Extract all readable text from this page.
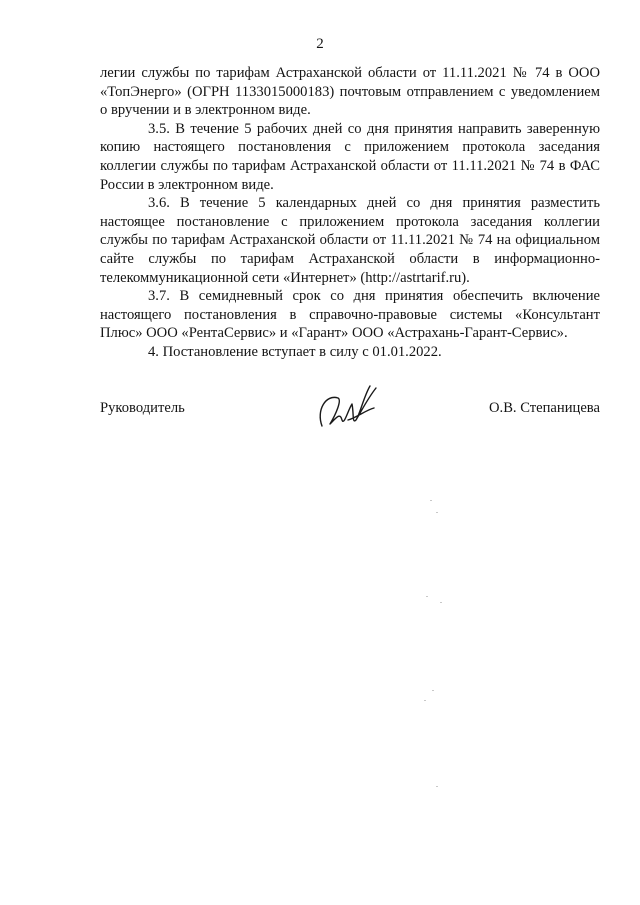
2

легии службы по тарифам Астраханской области от 11.11.2021 № 74 в ООО «ТопЭнерго» (ОГРН 1133015000183) почтовым отправлением с уведомлением о вручении и в электронном виде.

3.5. В течение 5 рабочих дней со дня принятия направить заверенную копию настоящего постановления с приложением протокола заседания коллегии службы по тарифам Астраханской области от 11.11.2021 № 74 в ФАС России в электронном виде.

3.6. В течение 5 календарных дней со дня принятия разместить настоящее постановление с приложением протокола заседания коллегии службы по тарифам Астраханской области от 11.11.2021 № 74 на официальном сайте службы по тарифам Астраханской области в информационно-телекоммуникационной сети «Интернет» (http://astrtarif.ru).

3.7. В семидневный срок со дня принятия обеспечить включение настоящего постановления в справочно-правовые системы «Консультант Плюс» ООО «РентаСервис» и «Гарант» ООО «Астрахань-Гарант-Сервис».

4. Постановление вступает в силу с 01.01.2022.

Руководитель	О.В. Степаницева
